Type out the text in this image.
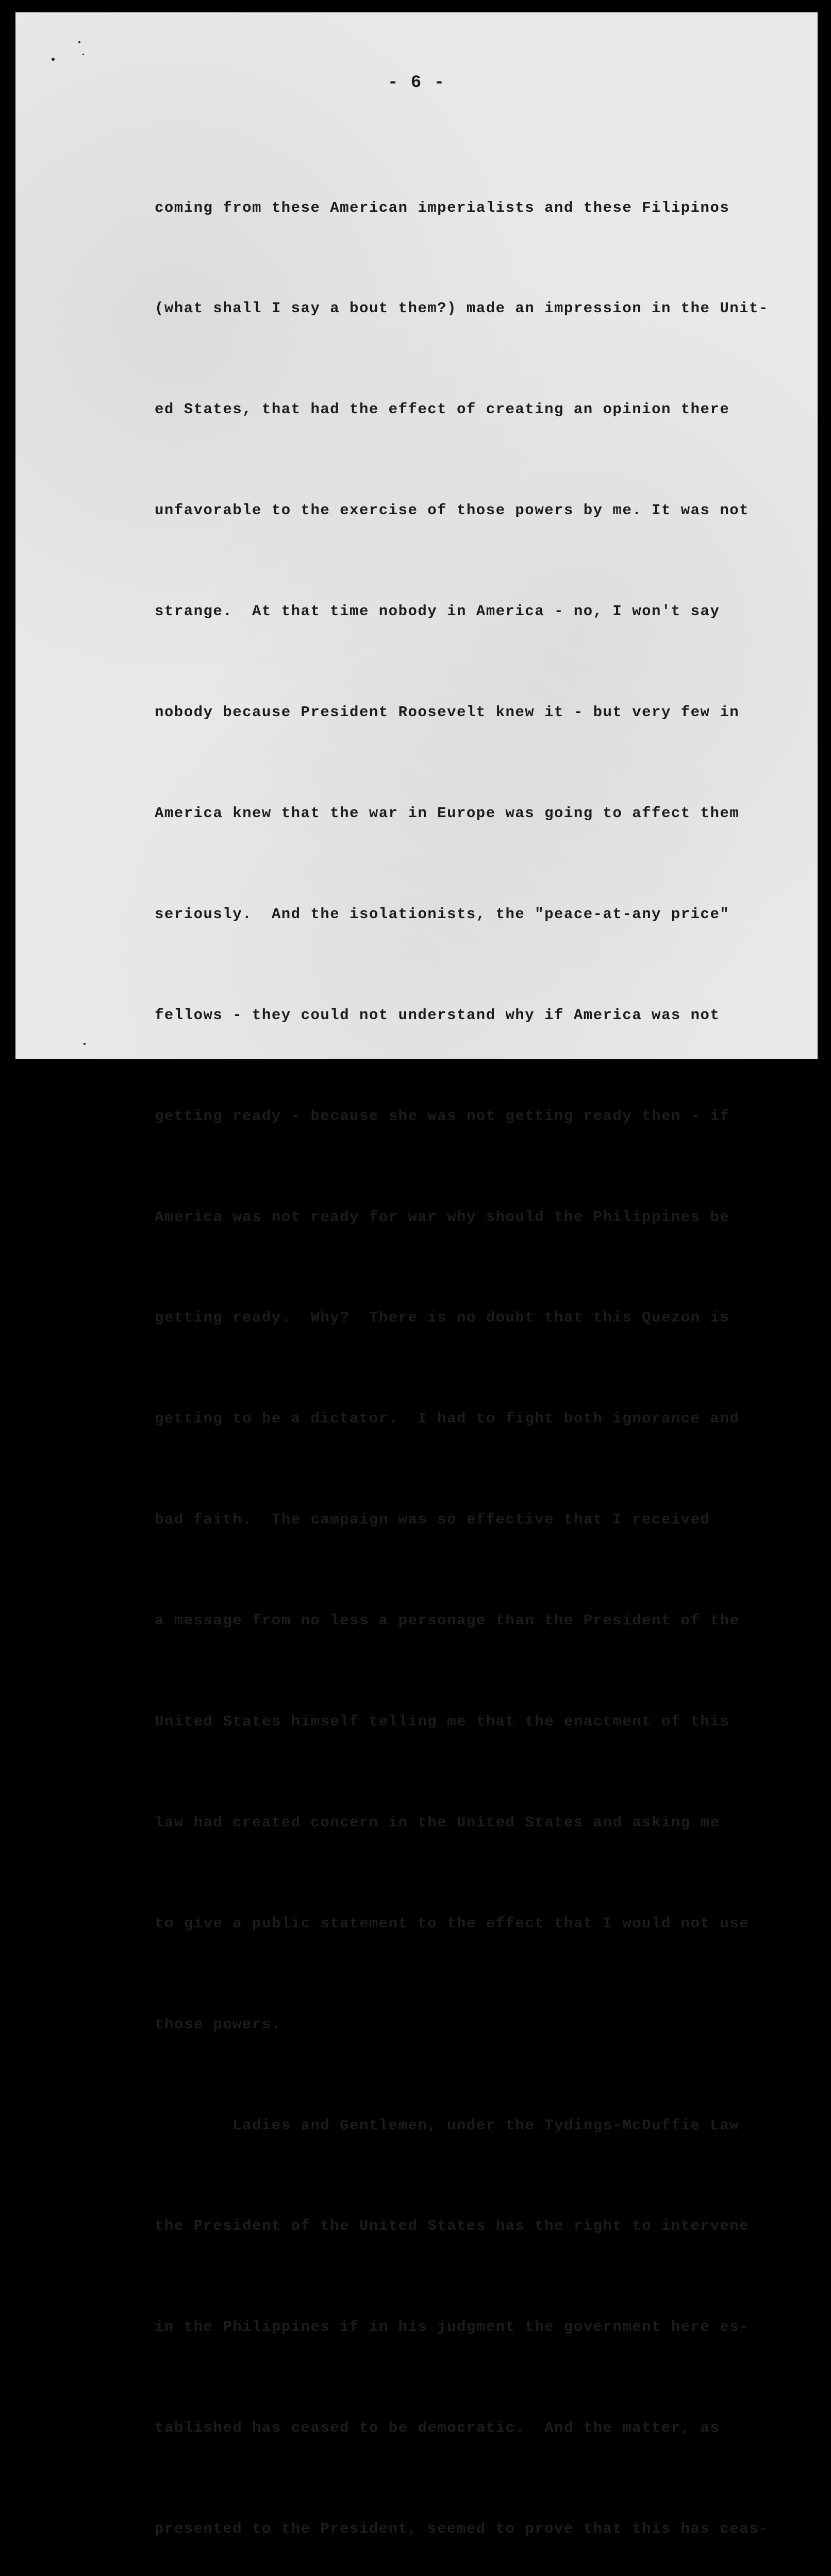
- 6 -

coming from these American imperialists and these Filipinos

(what shall I say a bout them?) made an impression in the Unit-

ed States, that had the effect of creating an opinion there

unfavorable to the exercise of those powers by me. It was not

strange.  At that time nobody in America - no, I won't say

nobody because President Roosevelt knew it - but very few in

America knew that the war in Europe was going to affect them

seriously.  And the isolationists, the "peace-at-any price"

fellows - they could not understand why if America was not

getting ready - because she was not getting ready then - if

America was not ready for war why should the Philippines be

getting ready.  Why?  There is no doubt that this Quezon is

getting to be a dictator.  I had to fight both ignorance and

bad faith.  The campaign was so effective that I received

a message from no less a personage than the President of the

United States himself telling me that the enactment of this

law had created concern in the United States and asking me

to give a public statement to the effect that I would not use

those powers.

Ladies and Gentlemen, under the Tydings-McDuffie Law

the President of the United States has the right to intervene

in the Philippines if in his judgment the government here es-

tablished has ceased to be democratic.  And the matter, as

presented to the President, seemed to prove that this has ceas-
